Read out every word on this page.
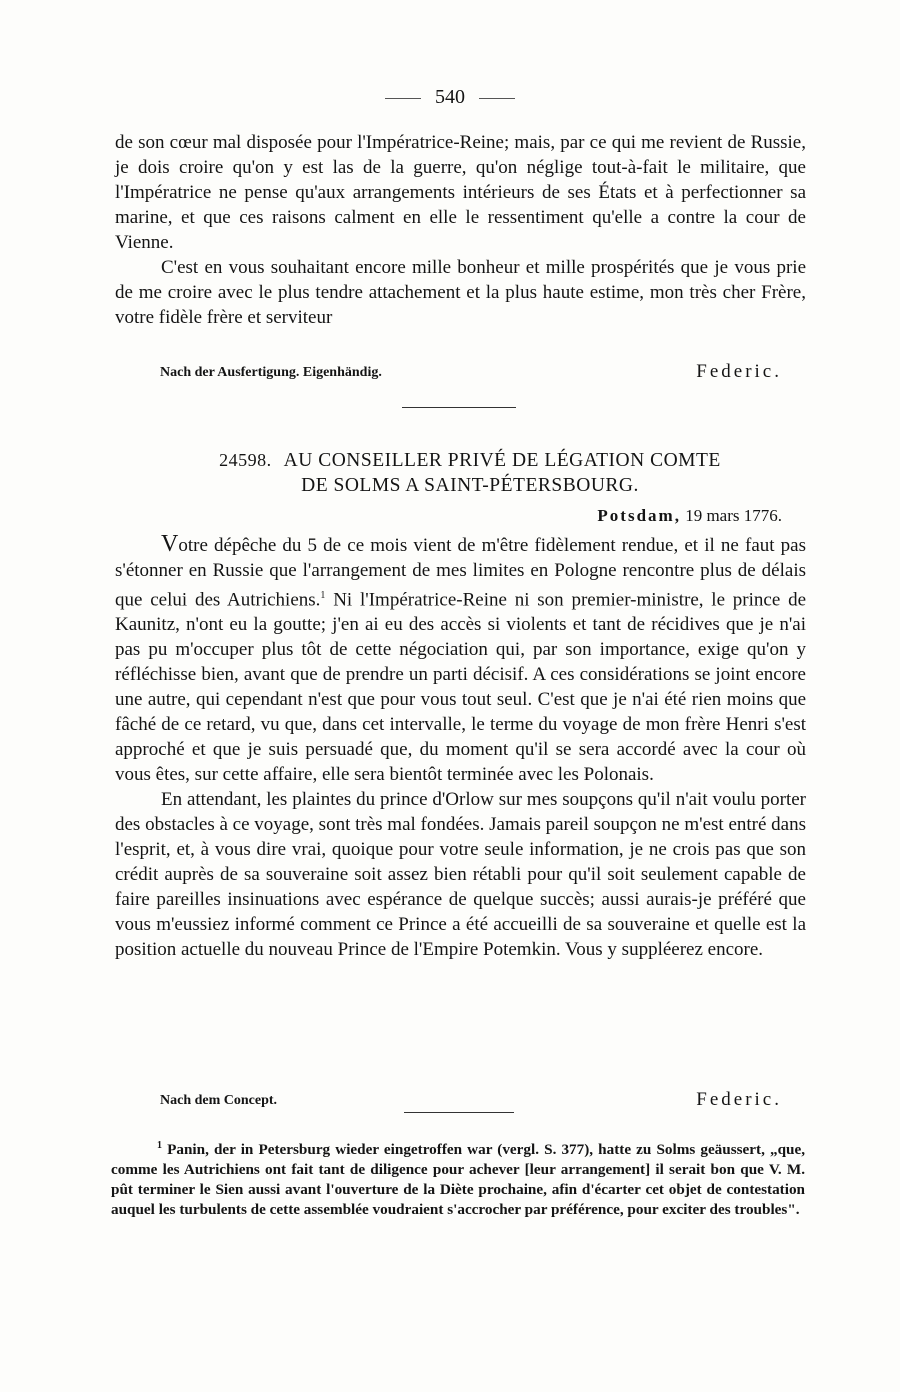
540

de son cœur mal disposée pour l'Impératrice-Reine; mais, par ce qui me revient de Russie, je dois croire qu'on y est las de la guerre, qu'on néglige tout-à-fait le militaire, que l'Impératrice ne pense qu'aux arrangements intérieurs de ses États et à perfectionner sa marine, et que ces raisons calment en elle le ressentiment qu'elle a contre la cour de Vienne.

C'est en vous souhaitant encore mille bonheur et mille prospérités que je vous prie de me croire avec le plus tendre attachement et la plus haute estime, mon très cher Frère, votre fidèle frère et serviteur

Nach der Ausfertigung. Eigenhändig.	Federic.
24598. AU CONSEILLER PRIVÉ DE LÉGATION COMTE
DE SOLMS A SAINT-PÉTERSBOURG.
Potsdam, 19 mars 1776.

Votre dépêche du 5 de ce mois vient de m'être fidèlement rendue, et il ne faut pas s'étonner en Russie que l'arrangement de mes limites en Pologne rencontre plus de délais que celui des Autrichiens.$^1$ Ni l'Impératrice-Reine ni son premier-ministre, le prince de Kaunitz, n'ont eu la goutte; j'en ai eu des accès si violents et tant de récidives que je n'ai pas pu m'occuper plus tôt de cette négociation qui, par son importance, exige qu'on y réfléchisse bien, avant que de prendre un parti décisif. A ces considérations se joint encore une autre, qui cependant n'est que pour vous tout seul. C'est que je n'ai été rien moins que fâché de ce retard, vu que, dans cet intervalle, le terme du voyage de mon frère Henri s'est approché et que je suis persuadé que, du moment qu'il se sera accordé avec la cour où vous êtes, sur cette affaire, elle sera bientôt terminée avec les Polonais.

En attendant, les plaintes du prince d'Orlow sur mes soupçons qu'il n'ait voulu porter des obstacles à ce voyage, sont très mal fondées. Jamais pareil soupçon ne m'est entré dans l'esprit, et, à vous dire vrai, quoique pour votre seule information, je ne crois pas que son crédit auprès de sa souveraine soit assez bien rétabli pour qu'il soit seulement capable de faire pareilles insinuations avec espérance de quelque succès; aussi aurais-je préféré que vous m'eussiez informé comment ce Prince a été accueilli de sa souveraine et quelle est la position actuelle du nouveau Prince de l'Empire Potemkin. Vous y suppléerez encore.

Nach dem Concept.	Federic.
$^1$ Panin, der in Petersburg wieder eingetroffen war (vergl. S. 377), hatte zu Solms geäussert, „que, comme les Autrichiens ont fait tant de diligence pour achever [leur arrangement] il serait bon que V. M. pût terminer le Sien aussi avant l'ouverture de la Diète prochaine, afin d'écarter cet objet de contestation auquel les turbulents de cette assemblée voudraient s'accrocher par préférence, pour exciter des troubles".
